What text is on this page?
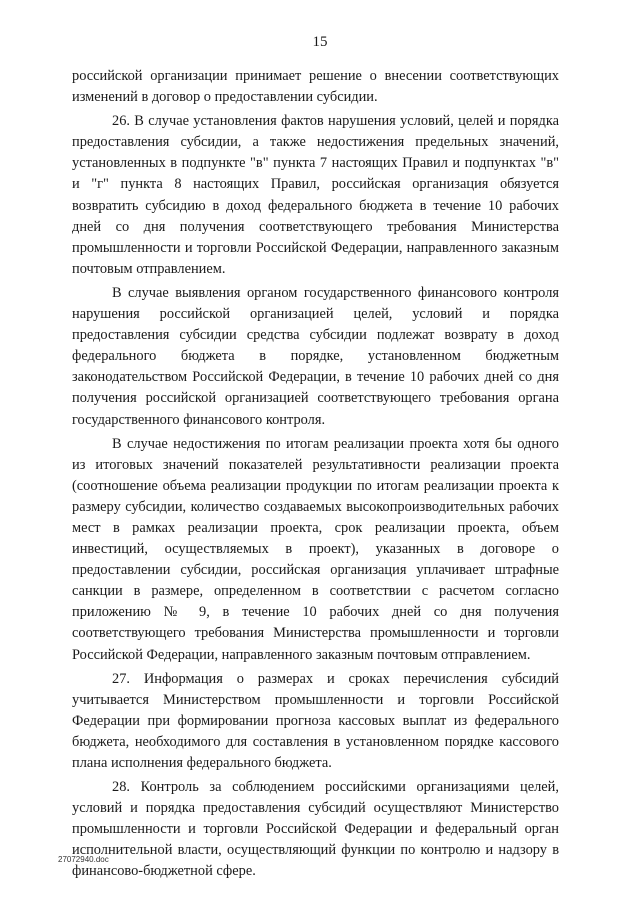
15

российской организации принимает решение о внесении соответствующих изменений в договор о предоставлении субсидии.

26. В случае установления фактов нарушения условий, целей и порядка предоставления субсидии, а также недостижения предельных значений, установленных в подпункте "в" пункта 7 настоящих Правил и подпунктах "в" и "г" пункта 8 настоящих Правил, российская организация обязуется возвратить субсидию в доход федерального бюджета в течение 10 рабочих дней со дня получения соответствующего требования Министерства промышленности и торговли Российской Федерации, направленного заказным почтовым отправлением.

В случае выявления органом государственного финансового контроля нарушения российской организацией целей, условий и порядка предоставления субсидии средства субсидии подлежат возврату в доход федерального бюджета в порядке, установленном бюджетным законодательством Российской Федерации, в течение 10 рабочих дней со дня получения российской организацией соответствующего требования органа государственного финансового контроля.

В случае недостижения по итогам реализации проекта хотя бы одного из итоговых значений показателей результативности реализации проекта (соотношение объема реализации продукции по итогам реализации проекта к размеру субсидии, количество создаваемых высокопроизводительных рабочих мест в рамках реализации проекта, срок реализации проекта, объем инвестиций, осуществляемых в проект), указанных в договоре о предоставлении субсидии, российская организация уплачивает штрафные санкции в размере, определенном в соответствии с расчетом согласно приложению № 9, в течение 10 рабочих дней со дня получения соответствующего требования Министерства промышленности и торговли Российской Федерации, направленного заказным почтовым отправлением.

27. Информация о размерах и сроках перечисления субсидий учитывается Министерством промышленности и торговли Российской Федерации при формировании прогноза кассовых выплат из федерального бюджета, необходимого для составления в установленном порядке кассового плана исполнения федерального бюджета.

28. Контроль за соблюдением российскими организациями целей, условий и порядка предоставления субсидий осуществляют Министерство промышленности и торговли Российской Федерации и федеральный орган исполнительной власти, осуществляющий функции по контролю и надзору в финансово-бюджетной сфере.

27072940.doc
